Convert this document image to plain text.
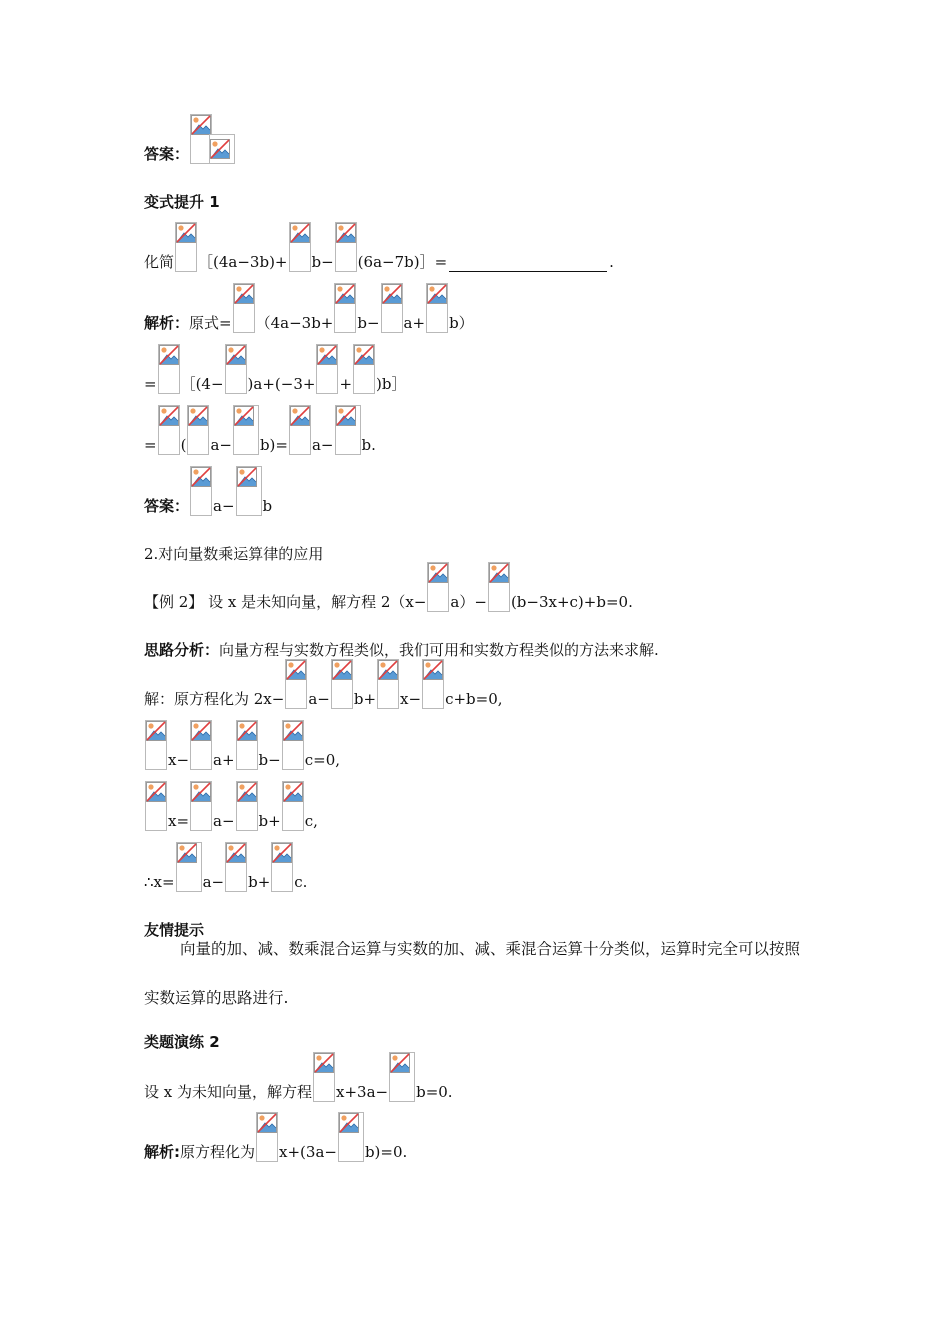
答案：
变式提升 1
化简 ［(4a−3b)+ b− (6a−7b)］=	.
解析： 原式= （4a−3b+ b− a+ b）
= ［(4− )a+(−3+ + )b］
= ( a− b)= a− b.
答案： a− b
2.对向量数乘运算律的应用
【例 2】 设 x 是未知向量，解方程 2（x− a）− (b−3x+c)+b=0.
思路分析： 向量方程与实数方程类似，我们可用和实数方程类似的方法来求解.
解：原方程化为 2x− a− b+ x− c+b=0,
x− a+ b− c=0,
x= a− b+ c,
∴x= a− b+ c.
友情提示
向量的加、减、数乘混合运算与实数的加、减、乘混合运算十分类似，运算时完全可以按照实数运算的思路进行.
类题演练 2
设 x 为未知向量，解方程 x+3a− b=0.
解析: 原方程化为 x+(3a− b)=0.
